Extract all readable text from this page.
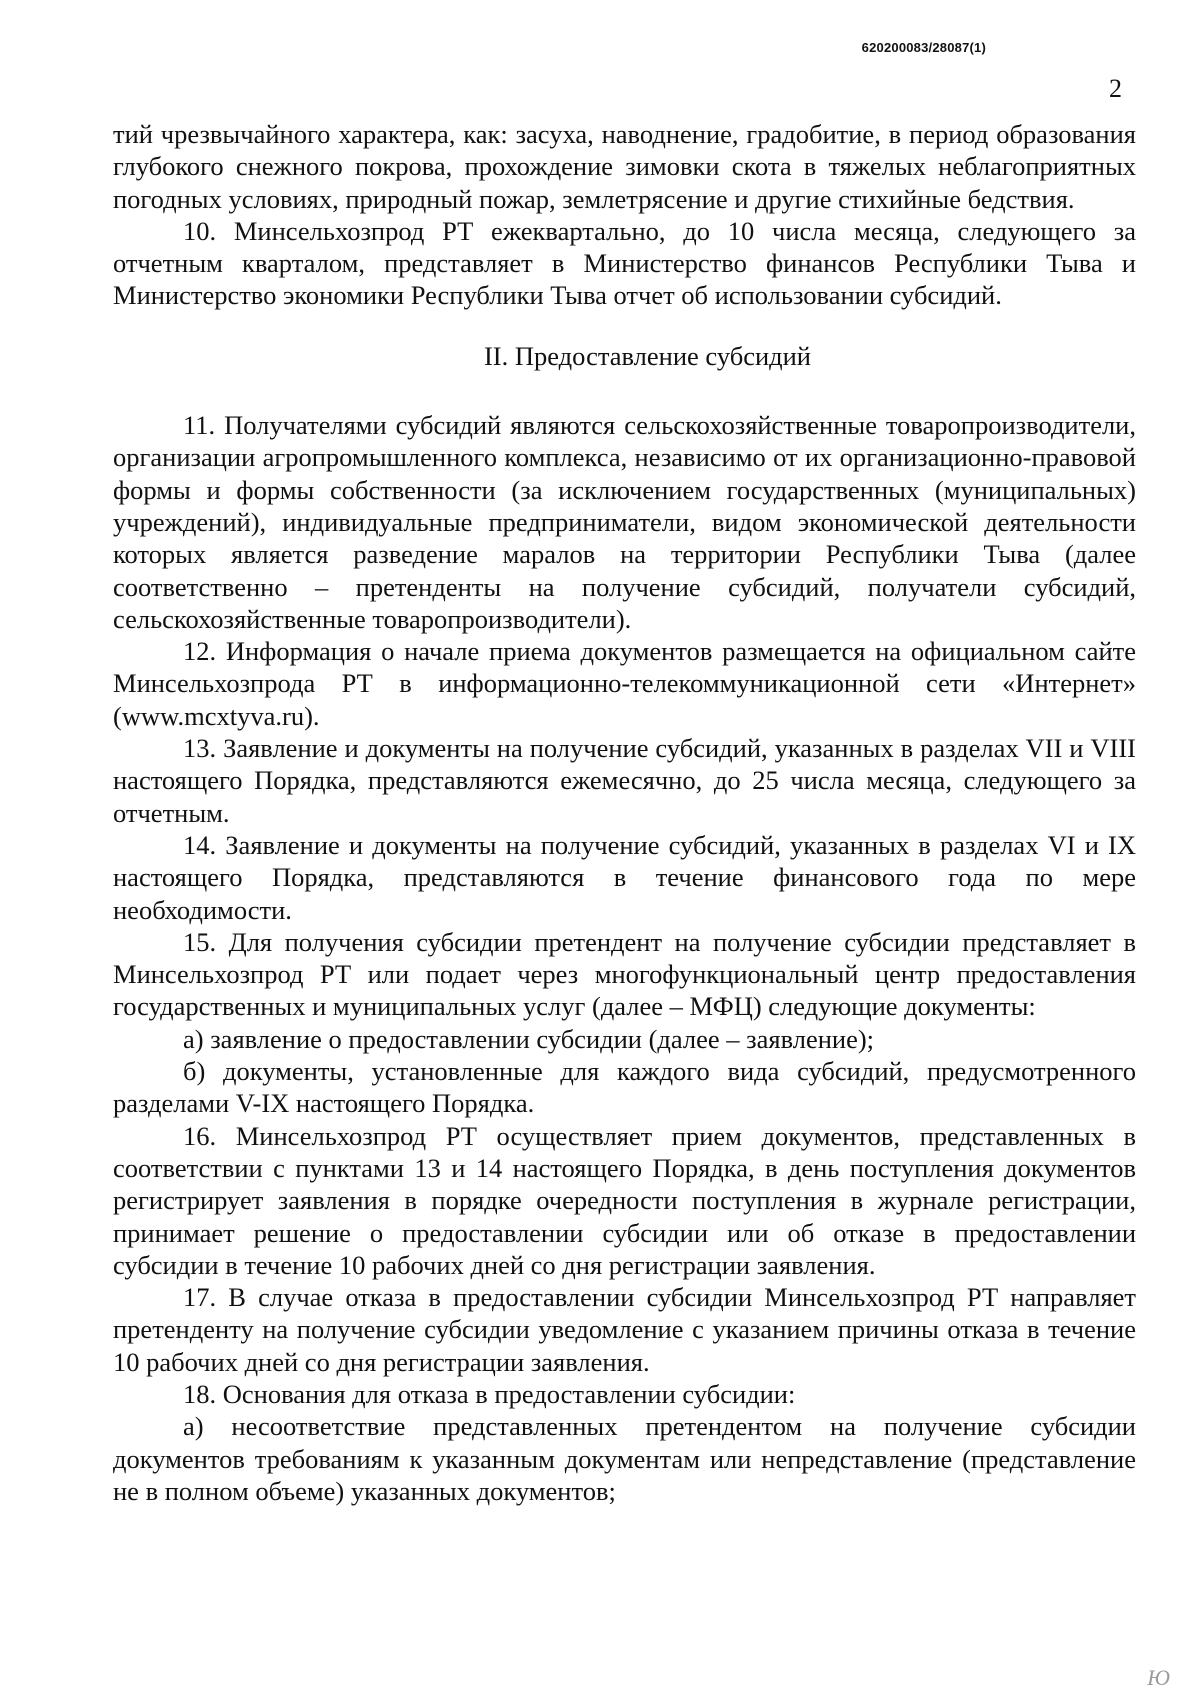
620200083/28087(1)
2

тий чрезвычайного характера, как: засуха, наводнение, градобитие, в период образования глубокого снежного покрова, прохождение зимовки скота в тяжелых неблагоприятных погодных условиях, природный пожар, землетрясение и другие стихийные бедствия.

10. Минсельхозпрод РТ ежеквартально, до 10 числа месяца, следующего за отчетным кварталом, представляет в Министерство финансов Республики Тыва и Министерство экономики Республики Тыва отчет об использовании субсидий.

II. Предоставление субсидий

11. Получателями субсидий являются сельскохозяйственные товаропроизводители, организации агропромышленного комплекса, независимо от их организационно-правовой формы и формы собственности (за исключением государственных (муниципальных) учреждений), индивидуальные предприниматели, видом экономической деятельности которых является разведение маралов на территории Республики Тыва (далее соответственно – претенденты на получение субсидий, получатели субсидий, сельскохозяйственные товаропроизводители).

12. Информация о начале приема документов размещается на официальном сайте Минсельхозпрода РТ в информационно-телекоммуникационной сети «Интернет» (www.mcxtyva.ru).

13. Заявление и документы на получение субсидий, указанных в разделах VII и VIII настоящего Порядка, представляются ежемесячно, до 25 числа месяца, следующего за отчетным.

14. Заявление и документы на получение субсидий, указанных в разделах VI и IX настоящего Порядка, представляются в течение финансового года по мере необходимости.

15. Для получения субсидии претендент на получение субсидии представляет в Минсельхозпрод РТ или подает через многофункциональный центр предоставления государственных и муниципальных услуг (далее – МФЦ) следующие документы:

а) заявление о предоставлении субсидии (далее – заявление);

б) документы, установленные для каждого вида субсидий, предусмотренного разделами V-IX настоящего Порядка.

16. Минсельхозпрод РТ осуществляет прием документов, представленных в соответствии с пунктами 13 и 14 настоящего Порядка, в день поступления документов регистрирует заявления в порядке очередности поступления в журнале регистрации, принимает решение о предоставлении субсидии или об отказе в предоставлении субсидии в течение 10 рабочих дней со дня регистрации заявления.

17. В случае отказа в предоставлении субсидии Минсельхозпрод РТ направляет претенденту на получение субсидии уведомление с указанием причины отказа в течение 10 рабочих дней со дня регистрации заявления.

18. Основания для отказа в предоставлении субсидии:

а) несоответствие представленных претендентом на получение субсидии документов требованиям к указанным документам или непредставление (представление не в полном объеме) указанных документов;

Ю
